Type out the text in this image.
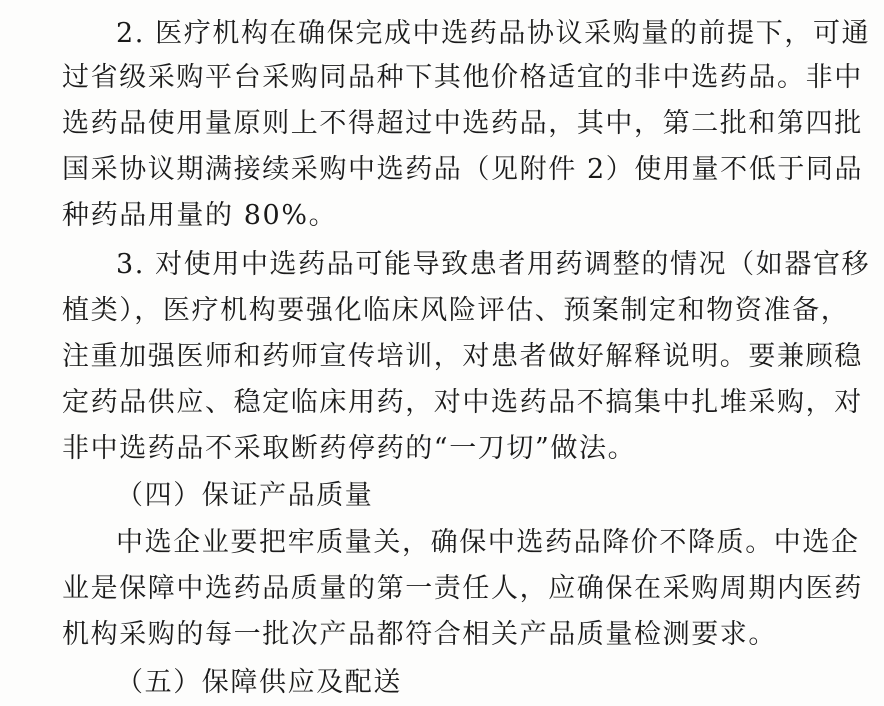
2. 医疗机构在确保完成中选药品协议采购量的前提下，可通
过省级采购平台采购同品种下其他价格适宜的非中选药品。非中
选药品使用量原则上不得超过中选药品，其中，第二批和第四批
国采协议期满接续采购中选药品（见附件 2）使用量不低于同品
种药品用量的 80%。
3. 对使用中选药品可能导致患者用药调整的情况（如器官移
植类），医疗机构要强化临床风险评估、预案制定和物资准备，
注重加强医师和药师宣传培训，对患者做好解释说明。要兼顾稳
定药品供应、稳定临床用药，对中选药品不搞集中扎堆采购，对
非中选药品不采取断药停药的“一刀切”做法。
（四）保证产品质量
中选企业要把牢质量关，确保中选药品降价不降质。中选企
业是保障中选药品质量的第一责任人，应确保在采购周期内医药
机构采购的每一批次产品都符合相关产品质量检测要求。
（五）保障供应及配送
